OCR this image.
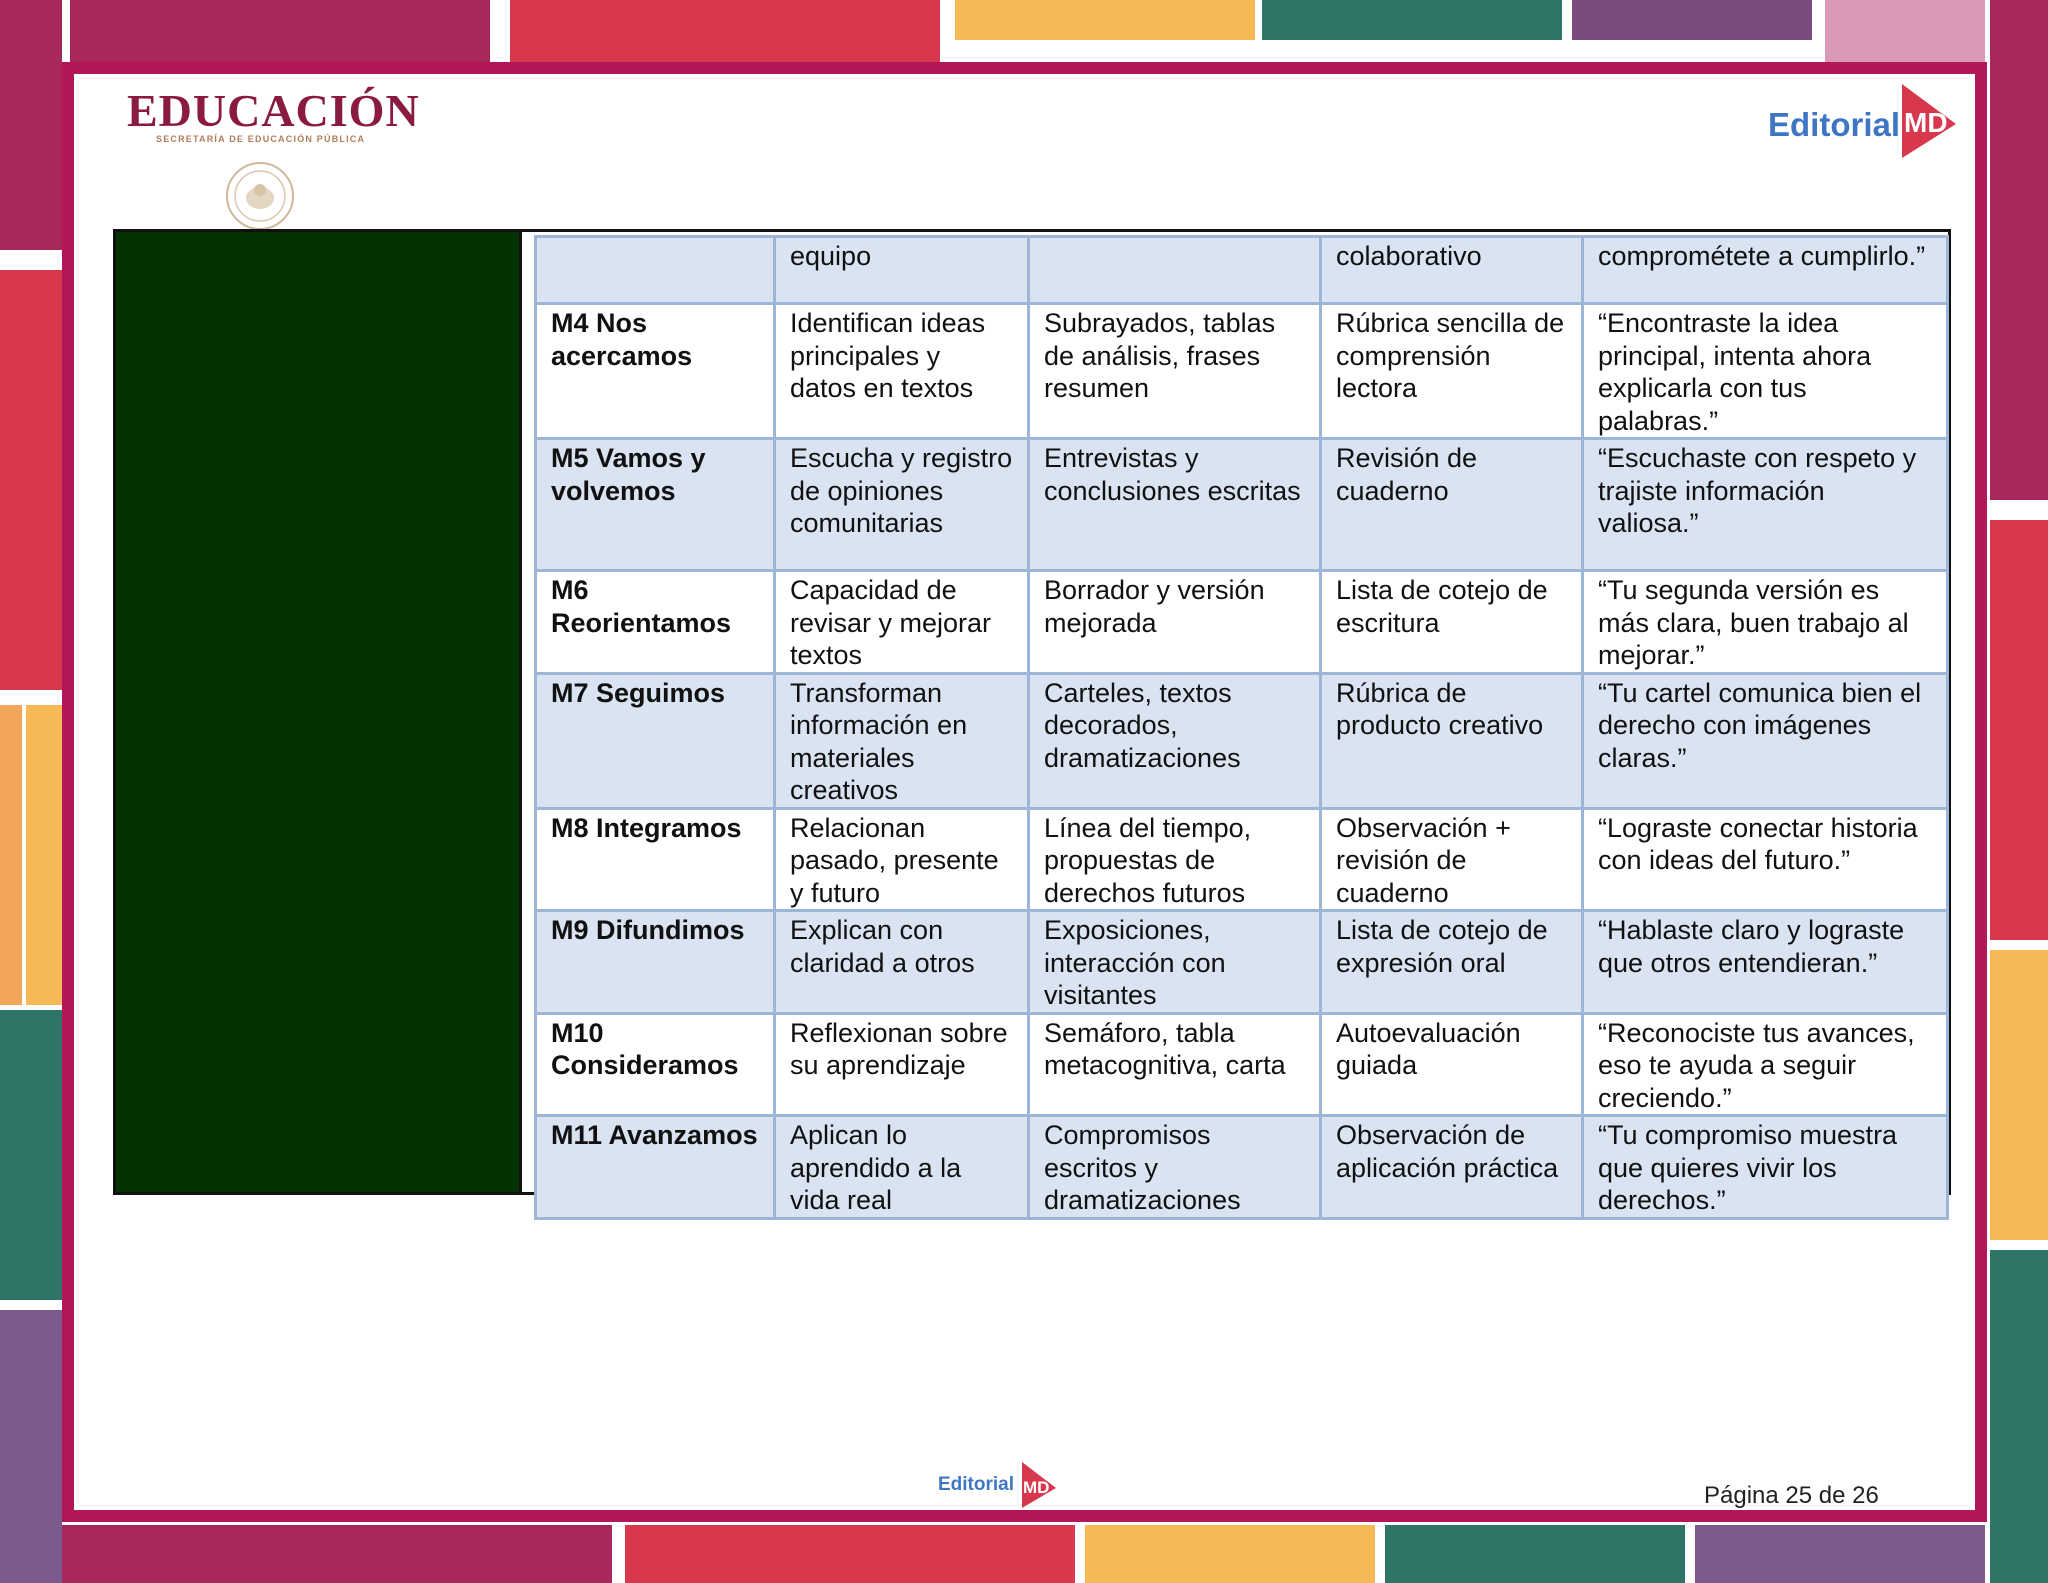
EDUCACIÓN
SECRETARÍA DE EDUCACIÓN PÚBLICA	Editorial MD
	equipo		colaborativo	comprométete a cumplirlo.”
M4 Nos acercamos	Identifican ideas principales y datos en textos	Subrayados, tablas de análisis, frases resumen	Rúbrica sencilla de comprensión lectora	“Encontraste la idea principal, intenta ahora explicarla con tus palabras.”
M5 Vamos y volvemos	Escucha y registro de opiniones comunitarias	Entrevistas y conclusiones escritas	Revisión de cuaderno	“Escuchaste con respeto y trajiste información valiosa.”
M6 Reorientamos	Capacidad de revisar y mejorar textos	Borrador y versión mejorada	Lista de cotejo de escritura	“Tu segunda versión es más clara, buen trabajo al mejorar.”
M7 Seguimos	Transforman información en materiales creativos	Carteles, textos decorados, dramatizaciones	Rúbrica de producto creativo	“Tu cartel comunica bien el derecho con imágenes claras.”
M8 Integramos	Relacionan pasado, presente y futuro	Línea del tiempo, propuestas de derechos futuros	Observación + revisión de cuaderno	“Lograste conectar historia con ideas del futuro.”
M9 Difundimos	Explican con claridad a otros	Exposiciones, interacción con visitantes	Lista de cotejo de expresión oral	“Hablaste claro y lograste que otros entendieran.”
M10 Consideramos	Reflexionan sobre su aprendizaje	Semáforo, tabla metacognitiva, carta	Autoevaluación guiada	“Reconociste tus avances, eso te ayuda a seguir creciendo.”
M11 Avanzamos	Aplican lo aprendido a la vida real	Compromisos escritos y dramatizaciones	Observación de aplicación práctica	“Tu compromiso muestra que quieres vivir los derechos.”
Editorial MD	Página 25 de 26
